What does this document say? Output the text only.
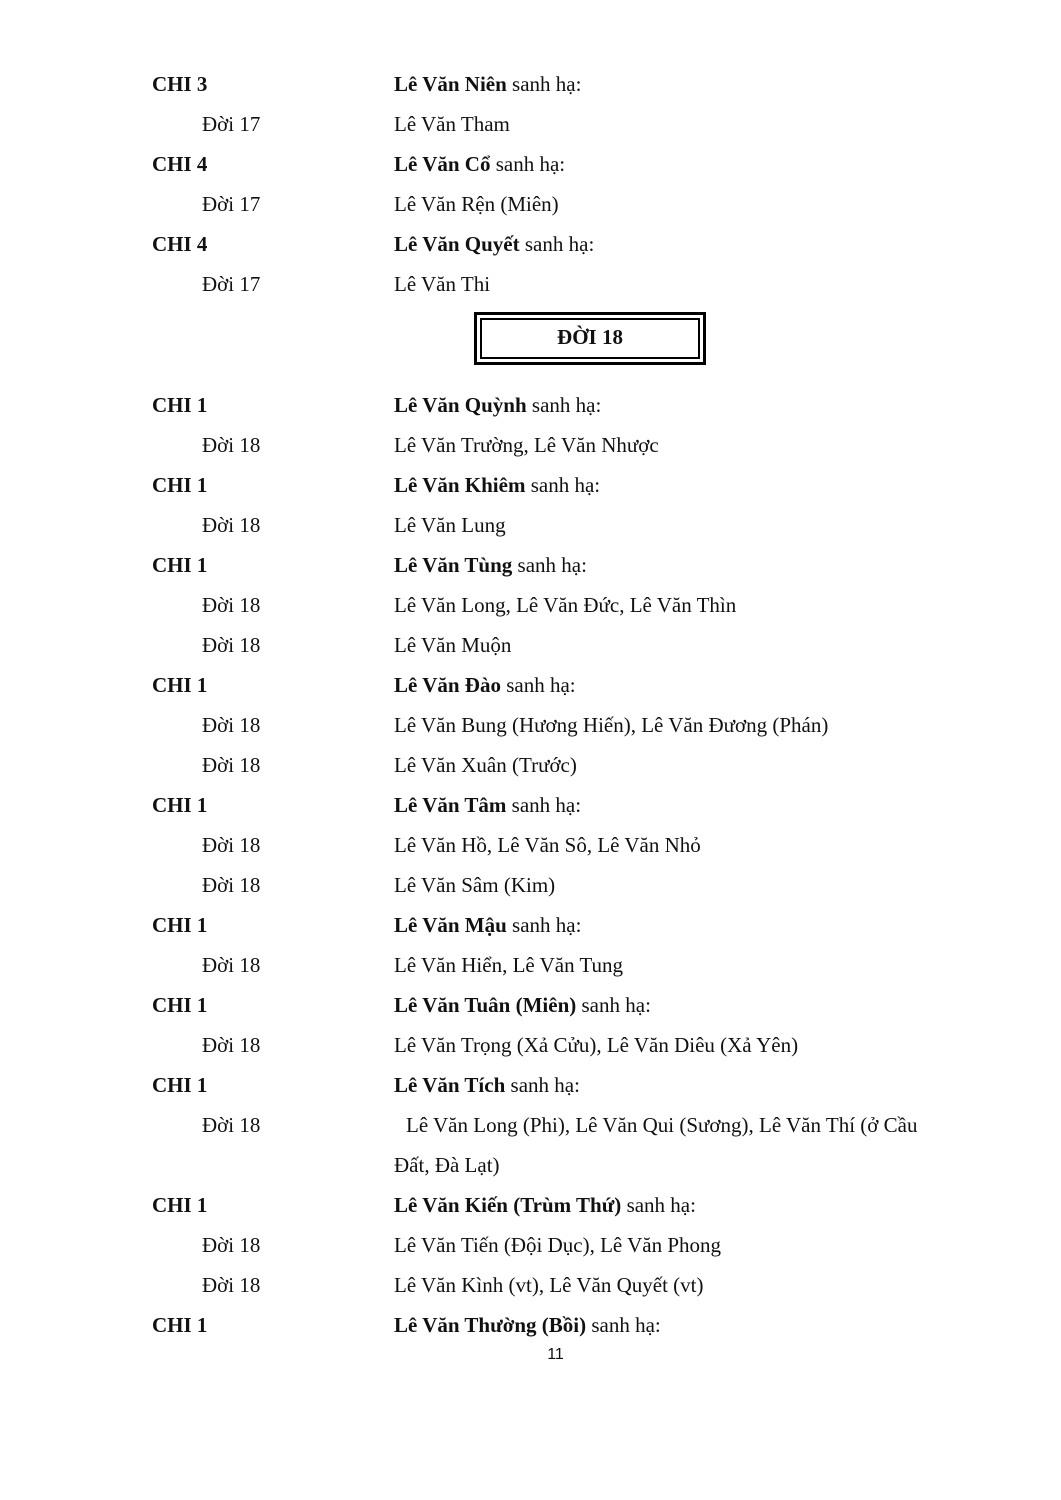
CHI 3	Lê Văn Niên sanh hạ:
Đời 17	Lê Văn Tham
CHI 4	Lê Văn Cổ sanh hạ:
Đời 17	Lê Văn Rện (Miên)
CHI 4	Lê Văn Quyết sanh hạ:
Đời 17	Lê Văn Thi
ĐỜI 18
CHI 1	Lê Văn Quỳnh sanh hạ:
Đời 18	Lê Văn Trường, Lê Văn Nhược
CHI 1	Lê Văn Khiêm sanh hạ:
Đời 18	Lê Văn Lung
CHI 1	Lê Văn Tùng sanh hạ:
Đời 18	Lê Văn Long, Lê Văn Đức, Lê Văn Thìn
Đời 18	Lê Văn Muộn
CHI 1	Lê Văn Đào sanh hạ:
Đời 18	Lê Văn Bung (Hương Hiến), Lê Văn Đương (Phán)
Đời 18	Lê Văn Xuân (Trước)
CHI 1	Lê Văn Tâm sanh hạ:
Đời 18	Lê Văn Hồ, Lê Văn Sô, Lê Văn Nhỏ
Đời 18	Lê Văn Sâm (Kim)
CHI 1	Lê Văn Mậu sanh hạ:
Đời 18	Lê Văn Hiển, Lê Văn Tung
CHI 1	Lê Văn Tuân (Miên) sanh hạ:
Đời 18	Lê Văn Trọng (Xả Cửu), Lê Văn Diêu (Xả Yên)
CHI 1	Lê Văn Tích sanh hạ:
Đời 18	Lê Văn Long (Phi), Lê Văn Qui (Sương), Lê Văn Thí (ở Cầu
Đất, Đà Lạt)
CHI 1	Lê Văn Kiến (Trùm Thứ) sanh hạ:
Đời 18	Lê Văn Tiến (Đội Dục), Lê Văn Phong
Đời 18	Lê Văn Kình (vt), Lê Văn Quyết (vt)
CHI 1	Lê Văn Thường (Bồi) sanh hạ:
11
